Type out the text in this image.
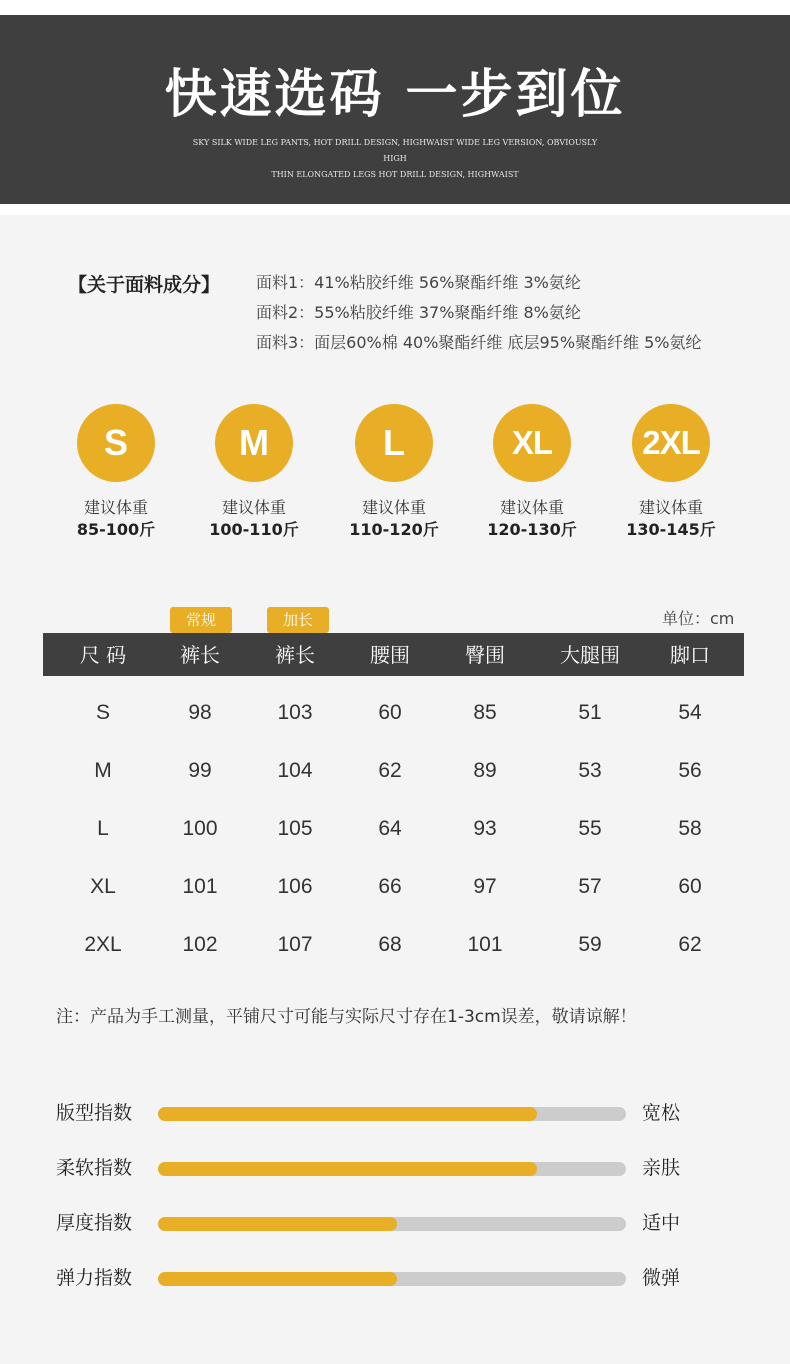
快速选码 一步到位
SKY SILK WIDE LEG PANTS, HOT DRILL DESIGN, HIGHWAIST WIDE LEG VERSION, OBVIOUSLY HIGH
THIN ELONGATED LEGS HOT DRILL DESIGN, HIGHWAIST
【关于面料成分】 面料1：41%粘胶纤维 56%聚酯纤维 3%氨纶
面料2：55%粘胶纤维 37%聚酯纤维 8%氨纶
面料3：面层60%棉 40%聚酯纤维 底层95%聚酯纤维 5%氨纶
S
建议体重
85-100斤
M
建议体重
100-110斤
L
建议体重
110-120斤
XL
建议体重
120-130斤
2XL
建议体重
130-145斤
单位：cm
常规	加长
尺 码	裤长	裤长	腰围	臀围	大腿围	脚口
S	98	103	60	85	51	54
M	99	104	62	89	53	56
L	100	105	64	93	55	58
XL	101	106	66	97	57	60
2XL	102	107	68	101	59	62
注：产品为手工测量，平铺尺寸可能与实际尺寸存在1-3cm误差，敬请谅解！
版型指数	宽松
柔软指数	亲肤
厚度指数	适中
弹力指数	微弹
